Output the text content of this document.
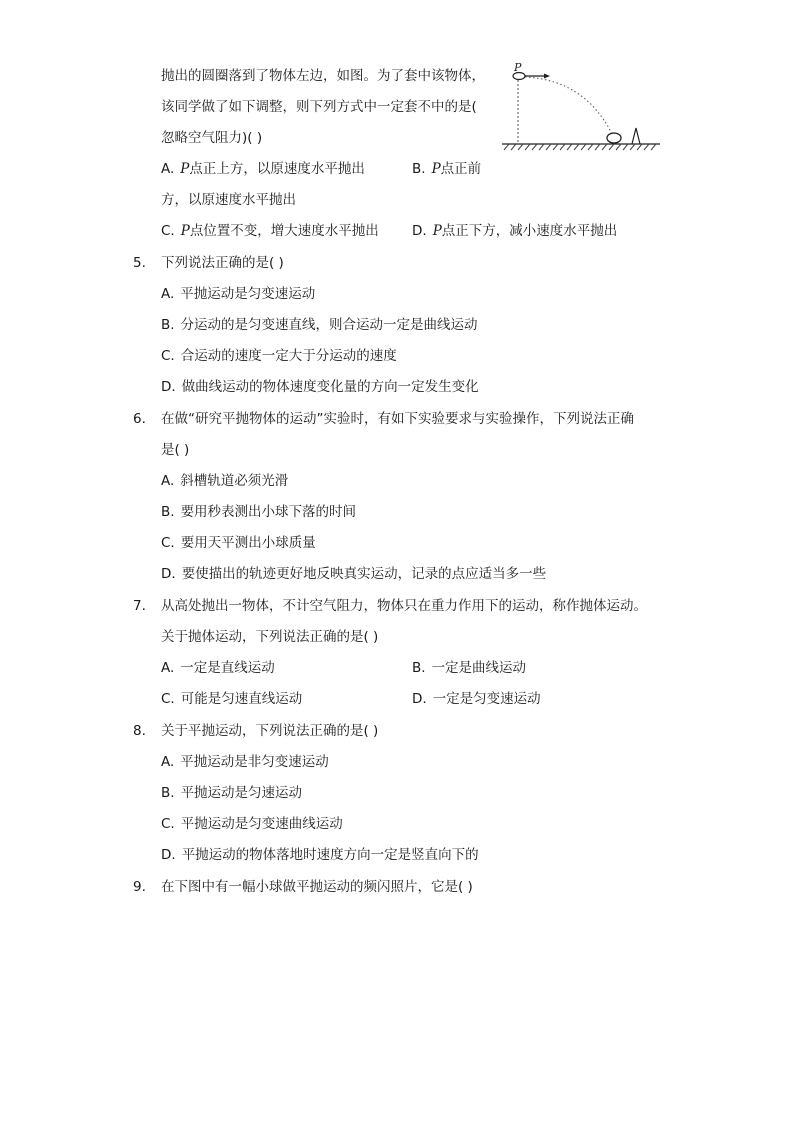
抛出的圆圈落到了物体左边，如图。为了套中该物体，
该同学做了如下调整，则下列方式中一定套不中的是(
忽略空气阻力)( )
P
A. P点正上方，以原速度水平抛出	B. P点正前
方，以原速度水平抛出
C. P点位置不变，增大速度水平抛出 D. P点正下方，减小速度水平抛出
5. 下列说法正确的是( )
A. 平抛运动是匀变速运动
B. 分运动的是匀变速直线，则合运动一定是曲线运动
C. 合运动的速度一定大于分运动的速度
D. 做曲线运动的物体速度变化量的方向一定发生变化
6. 在做“研究平抛物体的运动”实验时，有如下实验要求与实验操作，下列说法正确
是( )
A. 斜槽轨道必须光滑
B. 要用秒表测出小球下落的时间
C. 要用天平测出小球质量
D. 要使描出的轨迹更好地反映真实运动，记录的点应适当多一些
7. 从高处抛出一物体，不计空气阻力，物体只在重力作用下的运动，称作抛体运动。
关于抛体运动，下列说法正确的是( )
A. 一定是直线运动	B. 一定是曲线运动
C. 可能是匀速直线运动	D. 一定是匀变速运动
8. 关于平抛运动，下列说法正确的是( )
A. 平抛运动是非匀变速运动
B. 平抛运动是匀速运动
C. 平抛运动是匀变速曲线运动
D. 平抛运动的物体落地时速度方向一定是竖直向下的
9. 在下图中有一幅小球做平抛运动的频闪照片，它是( )
